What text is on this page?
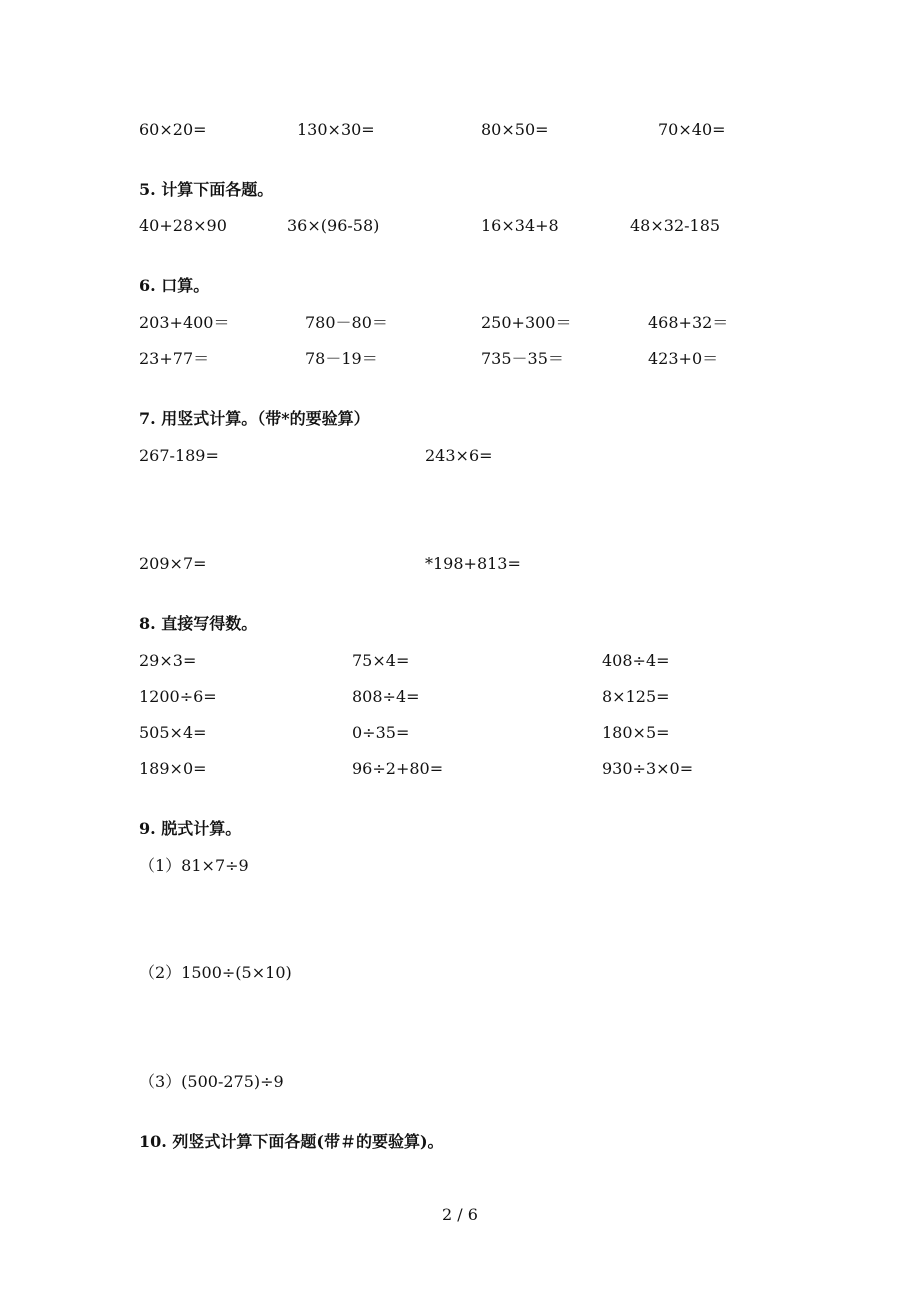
60×20=	130×30=	80×50=	70×40=
5. 计算下面各题。
40+28×90	36×(96-58)	16×34+8	48×32-185
6. 口算。
203+400＝	780－80＝	250+300＝	468+32＝
23+77＝	78－19＝	735－35＝	423+0＝
7. 用竖式计算。（带*的要验算）
267-189=	243×6=
209×7=	*198+813=
8. 直接写得数。
29×3=	75×4=	408÷4=
1200÷6=	808÷4=	8×125=
505×4=	0÷35=	180×5=
189×0=	96÷2+80=	930÷3×0=
9. 脱式计算。
（1）81×7÷9
（2）1500÷(5×10)
（3）(500-275)÷9
10. 列竖式计算下面各题(带＃的要验算)。
2 / 6
